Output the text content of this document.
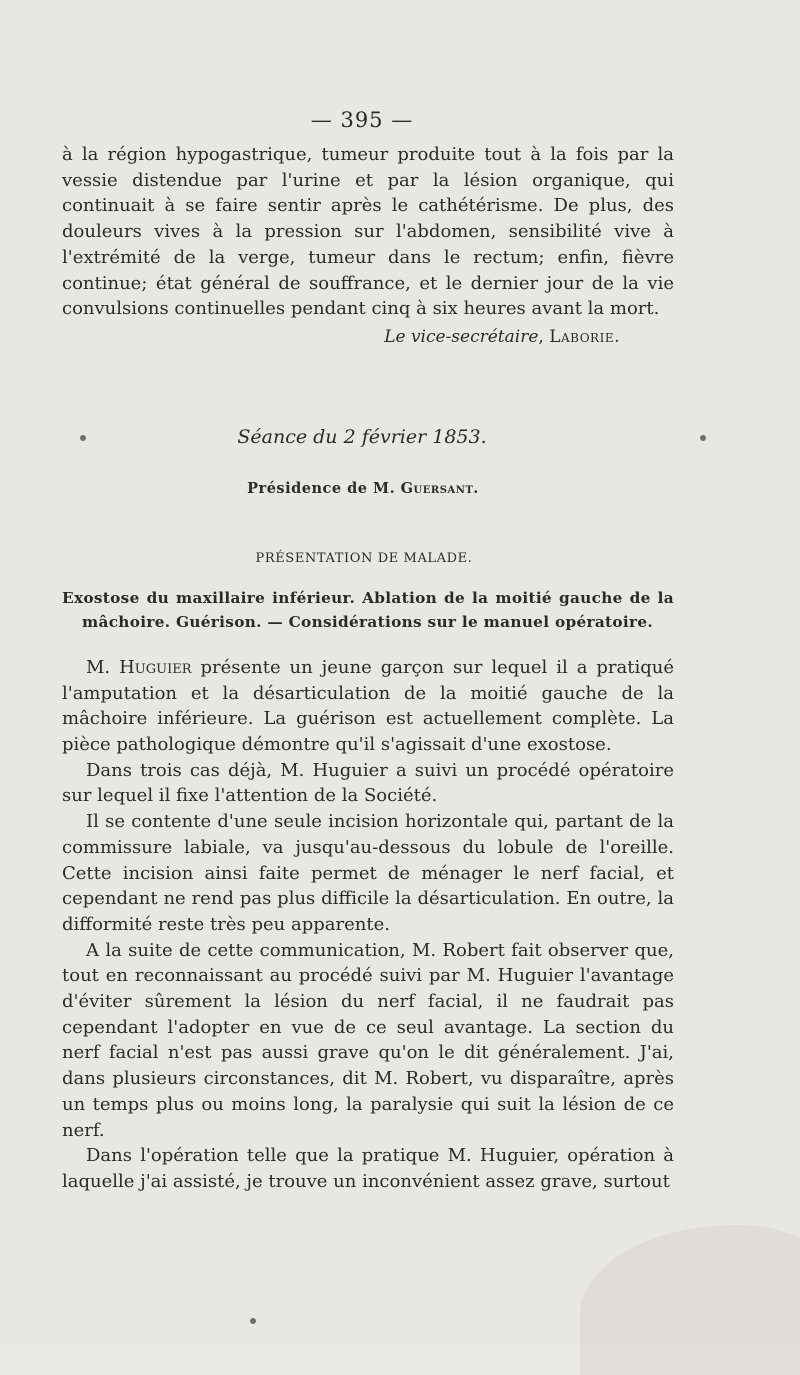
— 395 —

à la région hypogastrique, tumeur produite tout à la fois par la vessie distendue par l'urine et par la lésion organique, qui continuait à se faire sentir après le cathétérisme. De plus, des douleurs vives à la pression sur l'abdomen, sensibilité vive à l'extrémité de la verge, tumeur dans le rectum; enfin, fièvre continue; état général de souffrance, et le dernier jour de la vie convulsions continuelles pendant cinq à six heures avant la mort.

Le vice-secrétaire, Laborie.
Séance du 2 février 1853.
Présidence de M. Guersant.
PRÉSENTATION DE MALADE.
Exostose du maxillaire inférieur. Ablation de la moitié gauche de la mâchoire. Guérison. — Considérations sur le manuel opératoire.

M. Huguier présente un jeune garçon sur lequel il a pratiqué l'amputation et la désarticulation de la moitié gauche de la mâchoire inférieure. La guérison est actuellement complète. La pièce pathologique démontre qu'il s'agissait d'une exostose.

Dans trois cas déjà, M. Huguier a suivi un procédé opératoire sur lequel il fixe l'attention de la Société.

Il se contente d'une seule incision horizontale qui, partant de la commissure labiale, va jusqu'au-dessous du lobule de l'oreille. Cette incision ainsi faite permet de ménager le nerf facial, et cependant ne rend pas plus difficile la désarticulation. En outre, la difformité reste très peu apparente.

A la suite de cette communication, M. Robert fait observer que, tout en reconnaissant au procédé suivi par M. Huguier l'avantage d'éviter sûrement la lésion du nerf facial, il ne faudrait pas cependant l'adopter en vue de ce seul avantage. La section du nerf facial n'est pas aussi grave qu'on le dit généralement. J'ai, dans plusieurs circonstances, dit M. Robert, vu disparaître, après un temps plus ou moins long, la paralysie qui suit la lésion de ce nerf.

Dans l'opération telle que la pratique M. Huguier, opération à laquelle j'ai assisté, je trouve un inconvénient assez grave, surtout
